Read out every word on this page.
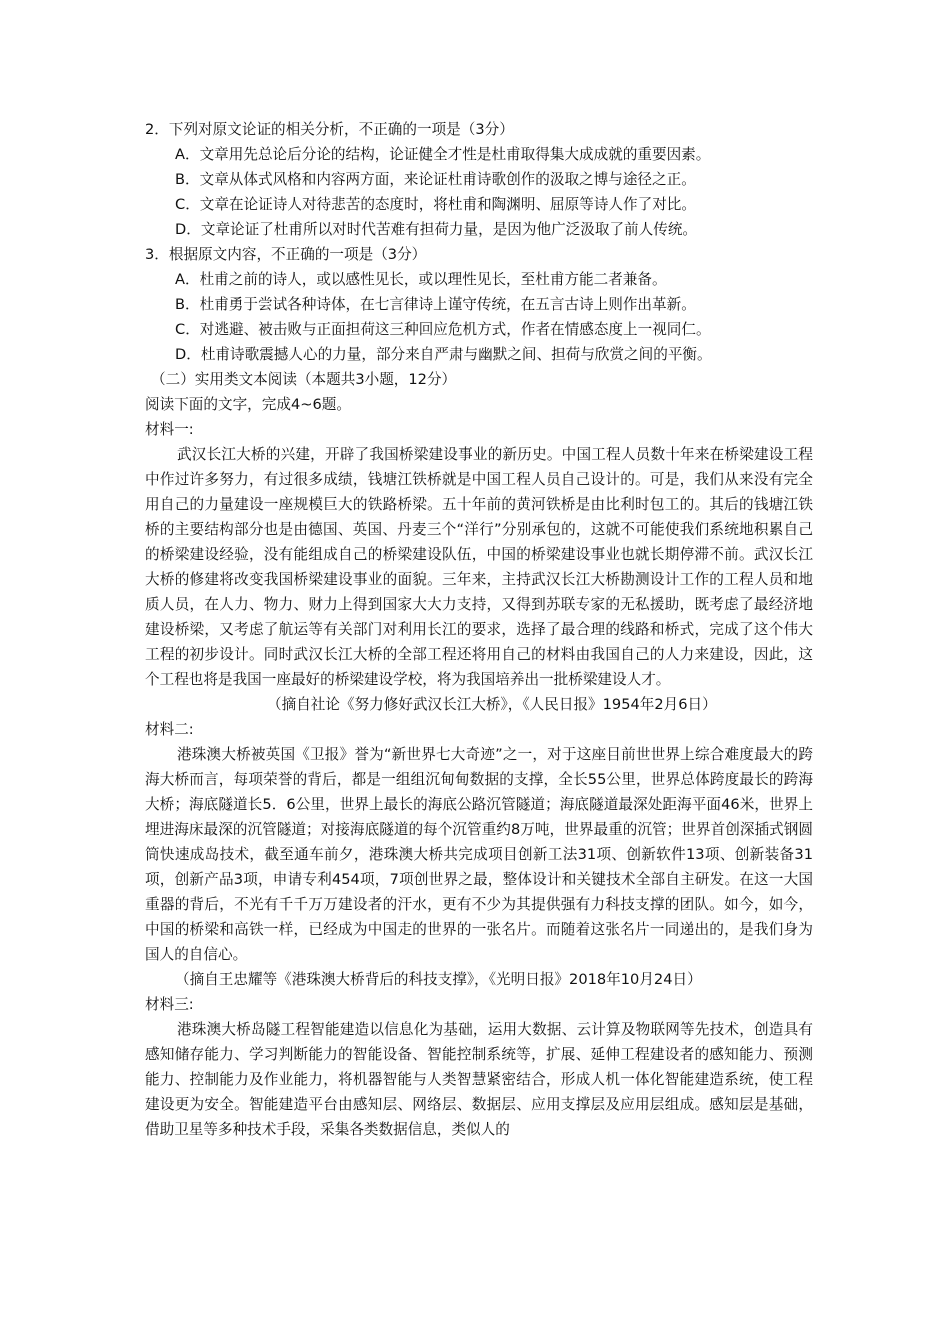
2．下列对原文论证的相关分析，不正确的一项是（3分）
A．文章用先总论后分论的结构，论证健全才性是杜甫取得集大成成就的重要因素。
B．文章从体式风格和内容两方面，来论证杜甫诗歌创作的汲取之博与途径之正。
C．文章在论证诗人对待悲苦的态度时，将杜甫和陶渊明、屈原等诗人作了对比。
D．文章论证了杜甫所以对时代苦难有担荷力量，是因为他广泛汲取了前人传统。
3．根据原文内容，不正确的一项是（3分）
A．杜甫之前的诗人，或以感性见长，或以理性见长，至杜甫方能二者兼备。
B．杜甫勇于尝试各种诗体，在七言律诗上谨守传统，在五言古诗上则作出革新。
C．对逃避、被击败与正面担荷这三种回应危机方式，作者在情感态度上一视同仁。
D．杜甫诗歌震撼人心的力量，部分来自严肃与幽默之间、担荷与欣赏之间的平衡。
（二）实用类文本阅读（本题共3小题，12分）
阅读下面的文字，完成4~6题。
材料一:
武汉长江大桥的兴建，开辟了我国桥梁建设事业的新历史。中国工程人员数十年来在桥梁建设工程中作过许多努力，有过很多成绩，钱塘江铁桥就是中国工程人员自己设计的。可是，我们从来没有完全用自己的力量建设一座规模巨大的铁路桥梁。五十年前的黄河铁桥是由比利时包工的。其后的钱塘江铁桥的主要结构部分也是由德国、英国、丹麦三个“洋行”分别承包的，这就不可能使我们系统地积累自己的桥梁建设经验，没有能组成自己的桥梁建设队伍，中国的桥梁建设事业也就长期停滞不前。武汉长江大桥的修建将改变我国桥梁建设事业的面貌。三年来，主持武汉长江大桥勘测设计工作的工程人员和地质人员，在人力、物力、财力上得到国家大大力支持，又得到苏联专家的无私援助，既考虑了最经济地建设桥梁，又考虑了航运等有关部门对利用长江的要求，选择了最合理的线路和桥式，完成了这个伟大工程的初步设计。同时武汉长江大桥的全部工程还将用自己的材料由我国自己的人力来建设，因此，这个工程也将是我国一座最好的桥梁建设学校，将为我国培养出一批桥梁建设人才。
（摘自社论《努力修好武汉长江大桥》，《人民日报》1954年2月6日）
材料二:
港珠澳大桥被英国《卫报》誉为“新世界七大奇迹”之一，对于这座目前世世界上综合难度最大的跨海大桥而言，每项荣誉的背后，都是一组组沉甸甸数据的支撑，全长55公里，世界总体跨度最长的跨海大桥；海底隧道长5．6公里，世界上最长的海底公路沉管隧道；海底隧道最深处距海平面46米，世界上埋进海床最深的沉管隧道；对接海底隧道的每个沉管重约8万吨，世界最重的沉管；世界首创深插式钢圆筒快速成岛技术，截至通车前夕，港珠澳大桥共完成项目创新工法31项、创新软件13项、创新装备31项，创新产品3项，申请专利454项，7项创世界之最，整体设计和关键技术全部自主研发。在这一大国重器的背后，不光有千千万万建设者的汗水，更有不少为其提供强有力科技支撑的团队。如今，如今，中国的桥梁和高铁一样，已经成为中国走的世界的一张名片。而随着这张名片一同递出的，是我们身为国人的自信心。
（摘自王忠耀等《港珠澳大桥背后的科技支撑》，《光明日报》2018年10月24日）
材料三:
港珠澳大桥岛隧工程智能建造以信息化为基础，运用大数据、云计算及物联网等先技术，创造具有感知储存能力、学习判断能力的智能设备、智能控制系统等，扩展、延伸工程建设者的感知能力、预测能力、控制能力及作业能力，将机器智能与人类智慧紧密结合，形成人机一体化智能建造系统，使工程建设更为安全。智能建造平台由感知层、网络层、数据层、应用支撑层及应用层组成。感知层是基础，借助卫星等多种技术手段，采集各类数据信息，类似人的
